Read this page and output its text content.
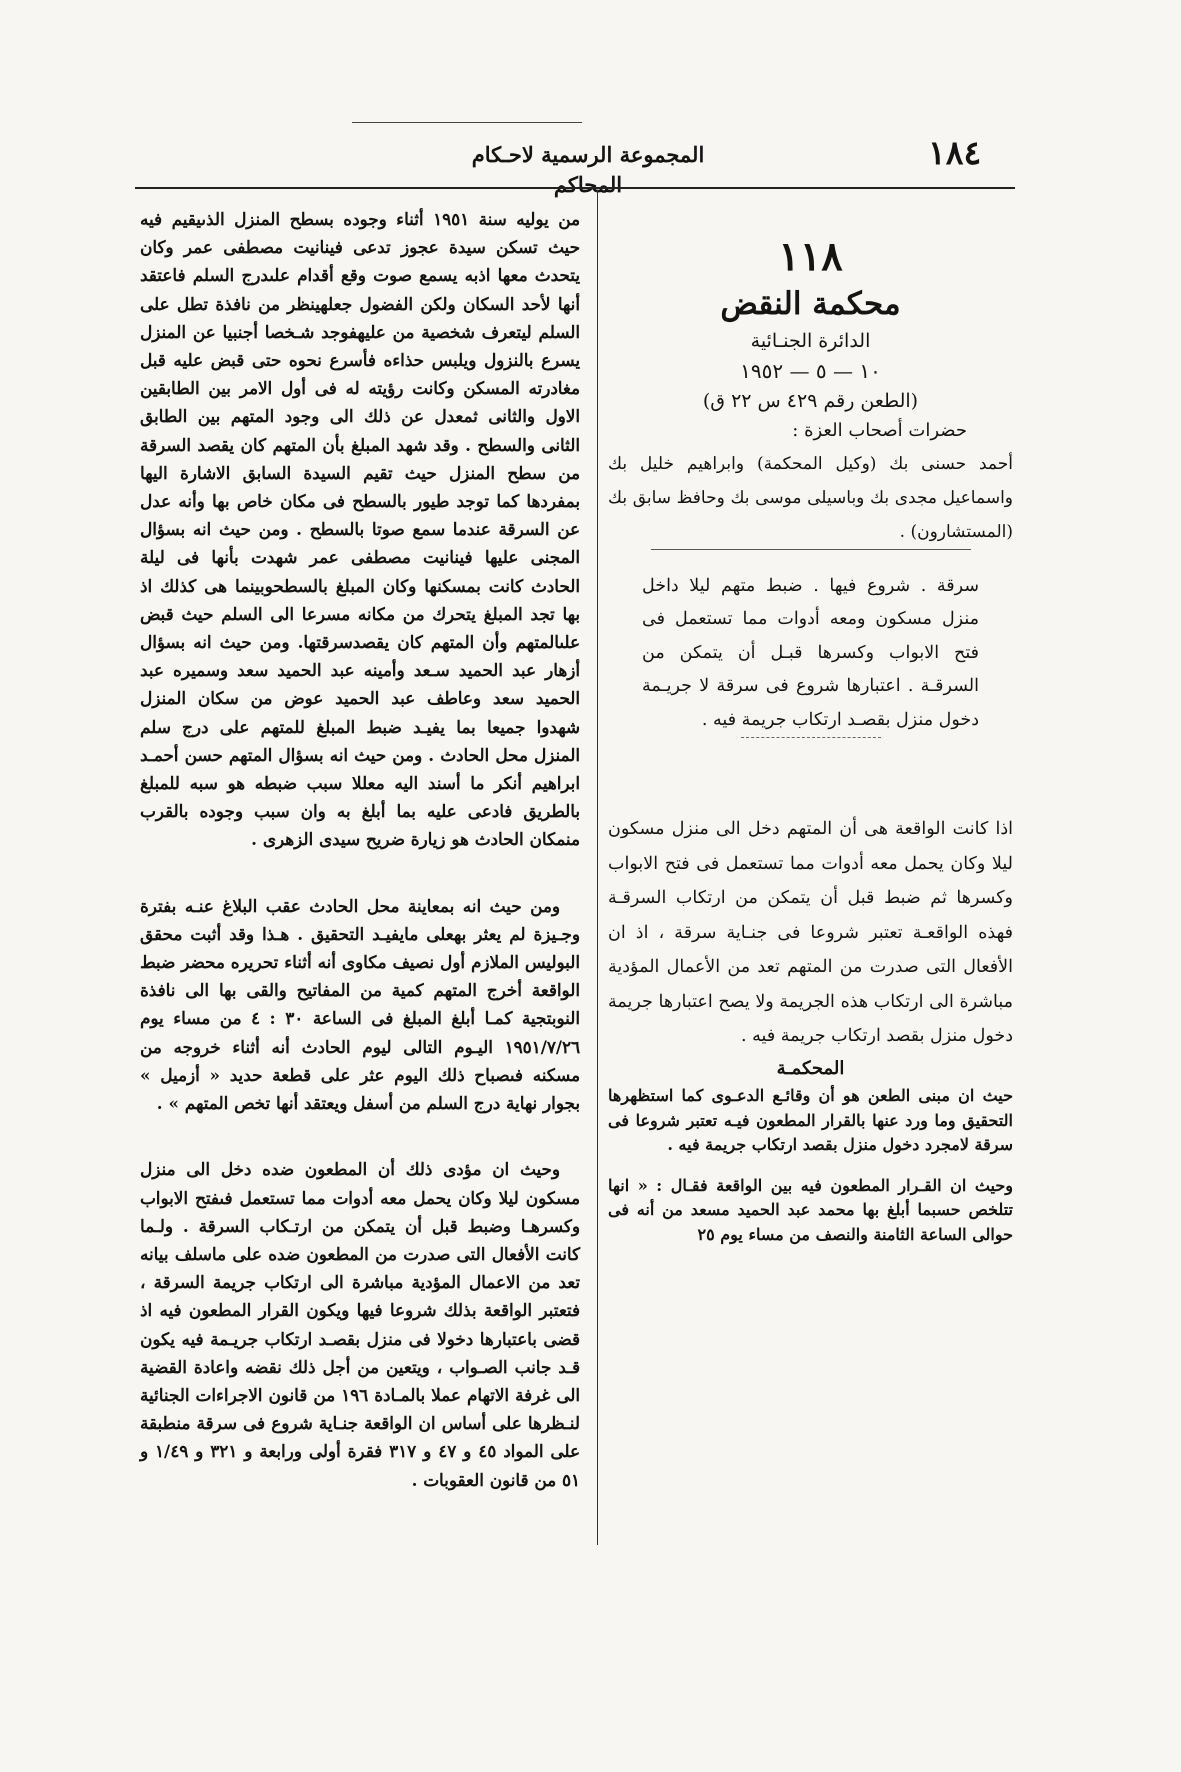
١٨٤
المجموعة الرسمية لاحـكام المحاكم

١١٨

محكمة النقض

الدائرة الجنـائية

١٠ — ٥ — ١٩٥٢

(الطعن رقم ٤٢٩ س ٢٢ ق)

حضرات أصحاب العزة :

أحمد حسنى بك (وكيل المحكمة) وابراهيم خليل بك واسماعيل مجدى بك وباسيلى موسى بك وحافظ سابق بك (المستشارون) .

سرقة . شروع فيها . ضبط متهم ليلا داخل منزل مسكون ومعه أدوات مما تستعمل فى فتح الابواب وكسرها قبـل أن يتمكن من السرقـة . اعتبارها شروع فى سرقة لا جريـمة دخول منزل بقصـد ارتكاب جريمة فيه .

اذا كانت الواقعة هى أن المتهم دخل الى منزل مسكون ليلا وكان يحمل معه أدوات مما تستعمل فى فتح الابواب وكسرها ثم ضبط قبل أن يتمكن من ارتكاب السرقـة فهذه الواقعـة تعتبر شروعا فى جنـاية سرقة ، اذ ان الأفعال التى صدرت من المتهم تعد من الأعمال المؤدية مباشرة الى ارتكاب هذه الجريمة ولا يصح اعتبارها جريمة دخول منزل بقصد ارتكاب جريمة فيه .

المحكمـة

حيث ان مبنى الطعن هو أن وقائـع الدعـوى كما استظهرها التحقيق وما ورد عنها بالقرار المطعون فيـه تعتبر شروعا فى سرقة لامجرد دخول منزل بقصد ارتكاب جريمة فيه .

وحيث ان القـرار المطعون فيه بين الواقعة فقـال : « انها تتلخص حسبما أبلغ بها محمد عبد الحميد مسعد من أنه فى حوالى الساعة الثامنة والنصف من مساء يوم ٢٥

من يوليه سنة ١٩٥١ أثناء وجوده بسطح المنزل الذىيقيم فيه حيث تسكن سيدة عجوز تدعى فينانيت مصطفى عمر وكان يتحدث معها اذبه يسمع صوت وقع أقدام علىدرج السلم فاعتقد أنها لأحد السكان ولكن الفضول جعلهينظر من نافذة تطل على السلم ليتعرف شخصية من عليهفوجد شـخصا أجنبيا عن المنزل يسرع بالنزول ويلبس حذاءه فأسرع نحوه حتى قبض عليه قبل مغادرته المسكن وكانت رؤيته له فى أول الامر بين الطابقين الاول والثانى ثمعدل عن ذلك الى وجود المتهم بين الطابق الثانى والسطح . وقد شهد المبلغ بأن المتهم كان يقصد السرقة من سطح المنزل حيث تقيم السيدة السابق الاشارة اليها بمفردها كما توجد طيور بالسطح فى مكان خاص بها وأنه عدل عن السرقة عندما سمع صوتا بالسطح . ومن حيث انه بسؤال المجنى عليها فينانيت مصطفى عمر شهدت بأنها فى ليلة الحادث كانت بمسكنها وكان المبلغ بالسطحوبينما هى كذلك اذ بها تجد المبلغ يتحرك من مكانه مسرعا الى السلم حيث قبض علىالمتهم وأن المتهم كان يقصدسرقتها. ومن حيث انه بسؤال أزهار عبد الحميد سـعد وأمينه عبد الحميد سعد وسميره عبد الحميد سعد وعاطف عبد الحميد عوض من سكان المنزل شهدوا جميعا بما يفيـد ضبط المبلغ للمتهم على درج سلم المنزل محل الحادث . ومن حيث انه بسؤال المتهم حسن أحمـد ابراهيم أنكر ما أسند اليه معللا سبب ضبطه هو سبه للمبلغ بالطريق فادعى عليه بما أبلغ به وان سبب وجوده بالقرب منمكان الحادث هو زيارة ضريح سيدى الزهرى .

ومن حيث انه بمعاينة محل الحادث عقب البلاغ عنـه بفترة وجـيزة لم يعثر بهعلى مايفيـد التحقيق . هـذا وقد أثبت محقق البوليس الملازم أول نصيف مكاوى أنه أثناء تحريره محضر ضبط الواقعة أخرج المتهم كمية من المفاتيح والقى بها الى نافذة النوبتجية كمـا أبلغ المبلغ فى الساعة ٣٠ : ٤ من مساء يوم ١٩٥١/٧/٢٦ اليـوم التالى ليوم الحادث أنه أثناء خروجه من مسكنه فىصباح ذلك اليوم عثر على قطعة حديد « أزميل » بجوار نهاية درج السلم من أسفل ويعتقد أنها تخص المتهم » .

وحيث ان مؤدى ذلك أن المطعون ضده دخل الى منزل مسكون ليلا وكان يحمل معه أدوات مما تستعمل فىفتح الابواب وكسرهـا وضبط قبل أن يتمكن من ارتـكاب السرقة . ولـما كانت الأفعال التى صدرت من المطعون ضده على ماسلف بيانه تعد من الاعمال المؤدية مباشرة الى ارتكاب جريمة السرقة ، فتعتبر الواقعة بذلك شروعا فيها ويكون القرار المطعون فيه اذ قضى باعتبارها دخولا فى منزل بقصـد ارتكاب جريـمة فيه يكون قـد جانب الصـواب ، ويتعين من أجل ذلك نقضه واعادة القضية الى غرفة الاتهام عملا بالمـادة ١٩٦ من قانون الاجراءات الجنائية لنـظرها على أساس ان الواقعة جنـاية شروع فى سرقة منطبقة على المواد ٤٥ و ٤٧ و ٣١٧ فقرة أولى ورابعة و ٣٢١ و ١/٤٩ و ٥١ من قانون العقوبات .
